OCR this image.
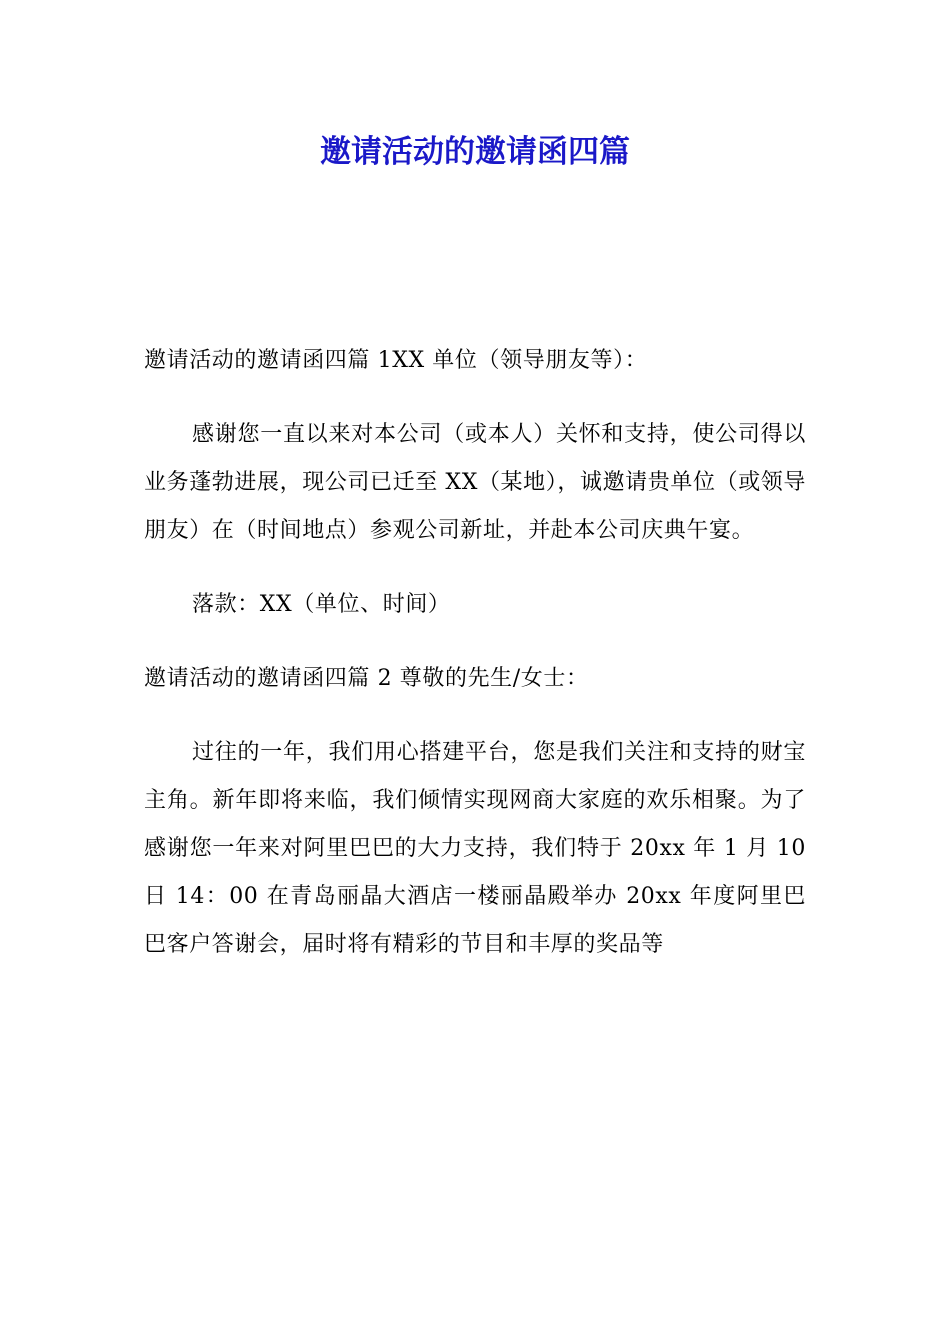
邀请活动的邀请函四篇

邀请活动的邀请函四篇 1XX 单位（领导朋友等）：

感谢您一直以来对本公司（或本人）关怀和支持，使公司得以业务蓬勃进展，现公司已迁至 XX（某地），诚邀请贵单位（或领导朋友）在（时间地点）参观公司新址，并赴本公司庆典午宴。

落款：XX（单位、时间）

邀请活动的邀请函四篇 2 尊敬的先生/女士：

过往的一年，我们用心搭建平台，您是我们关注和支持的财宝主角。新年即将来临，我们倾情实现网商大家庭的欢乐相聚。为了感谢您一年来对阿里巴巴的大力支持，我们特于 20xx 年 1 月 10 日 14：00 在青岛丽晶大酒店一楼丽晶殿举办 20xx 年度阿里巴巴客户答谢会，届时将有精彩的节目和丰厚的奖品等
